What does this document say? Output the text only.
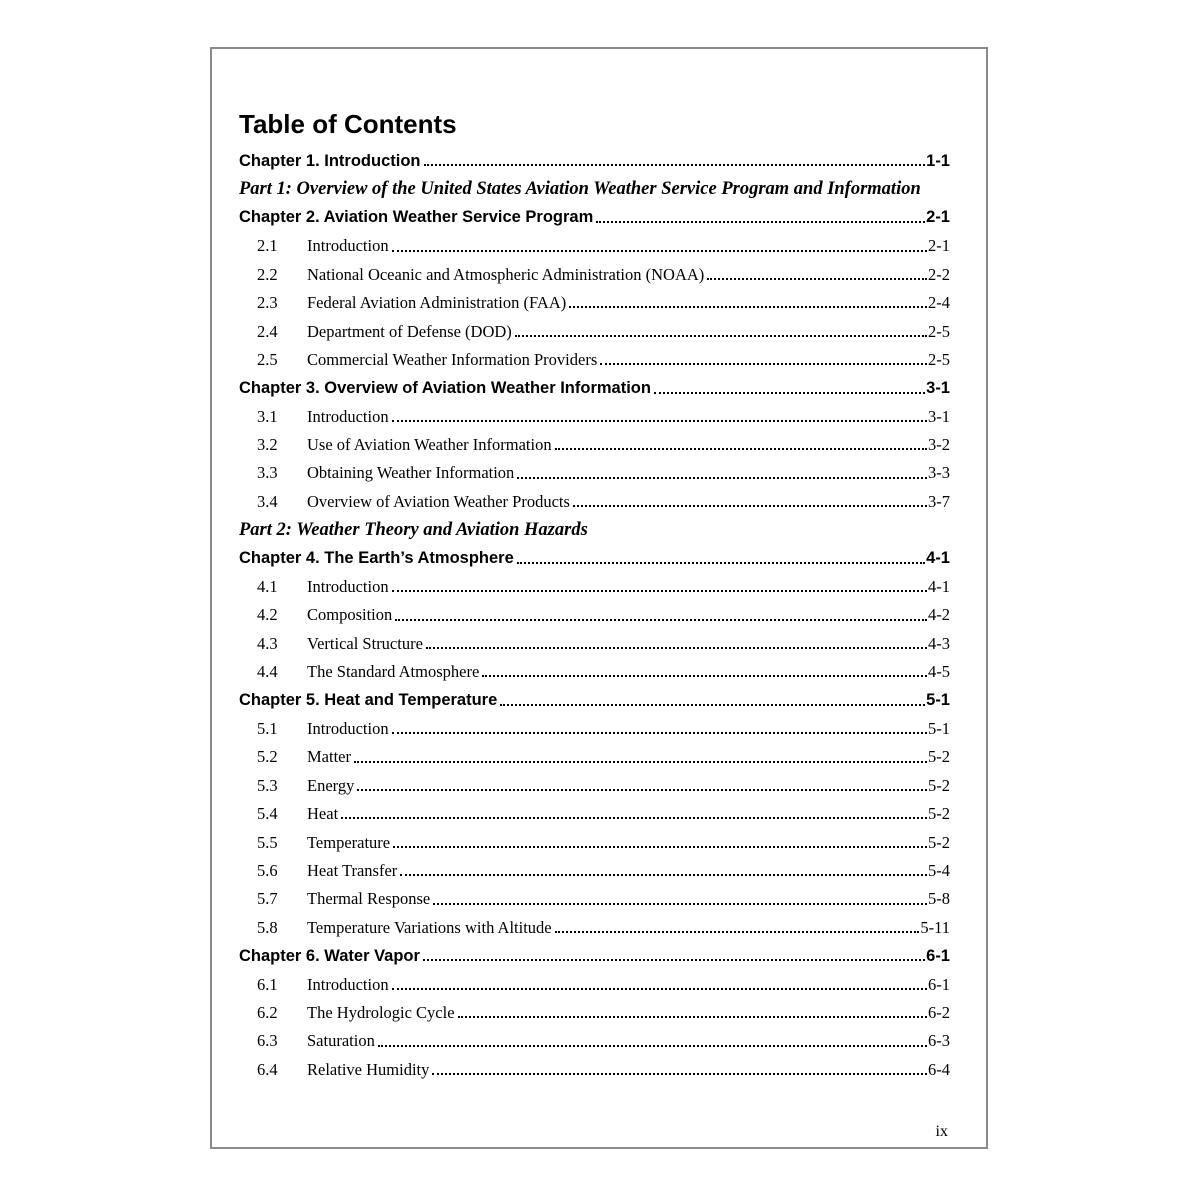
Table of Contents
Chapter 1. Introduction	1-1
Part 1: Overview of the United States Aviation Weather Service Program and Information
Chapter 2. Aviation Weather Service Program	2-1
2.1	Introduction	2-1
2.2	National Oceanic and Atmospheric Administration (NOAA)	2-2
2.3	Federal Aviation Administration (FAA)	2-4
2.4	Department of Defense (DOD)	2-5
2.5	Commercial Weather Information Providers	2-5
Chapter 3. Overview of Aviation Weather Information	3-1
3.1	Introduction	3-1
3.2	Use of Aviation Weather Information	3-2
3.3	Obtaining Weather Information	3-3
3.4	Overview of Aviation Weather Products	3-7
Part 2: Weather Theory and Aviation Hazards
Chapter 4. The Earth’s Atmosphere	4-1
4.1	Introduction	4-1
4.2	Composition	4-2
4.3	Vertical Structure	4-3
4.4	The Standard Atmosphere	4-5
Chapter 5. Heat and Temperature	5-1
5.1	Introduction	5-1
5.2	Matter	5-2
5.3	Energy	5-2
5.4	Heat	5-2
5.5	Temperature	5-2
5.6	Heat Transfer	5-4
5.7	Thermal Response	5-8
5.8	Temperature Variations with Altitude	5-11
Chapter 6. Water Vapor	6-1
6.1	Introduction	6-1
6.2	The Hydrologic Cycle	6-2
6.3	Saturation	6-3
6.4	Relative Humidity	6-4
ix
